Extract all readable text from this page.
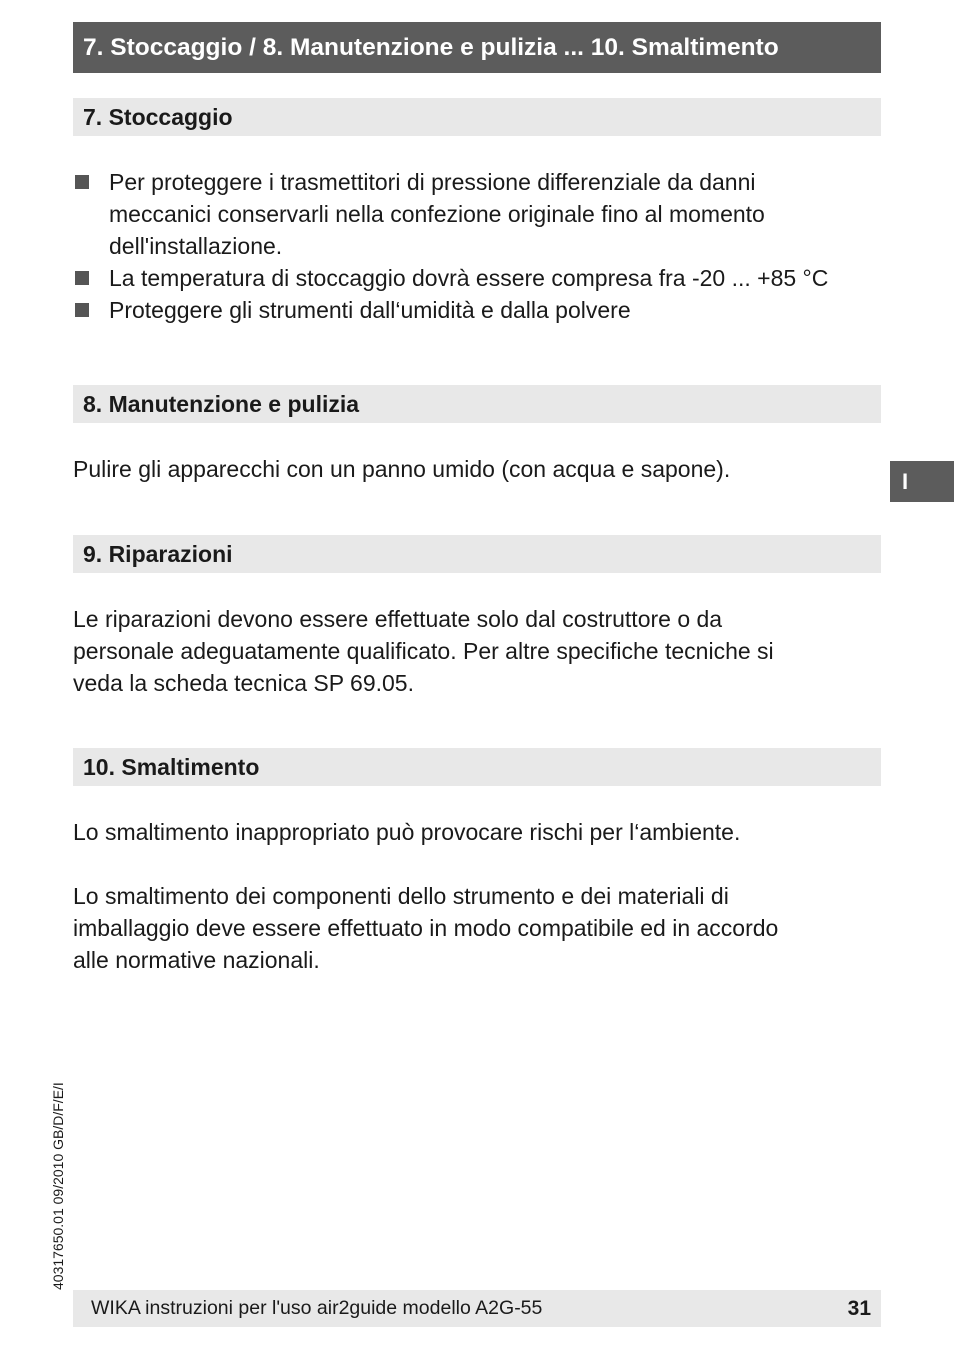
7. Stoccaggio / 8. Manutenzione e pulizia ... 10. Smaltimento
7. Stoccaggio
Per proteggere i trasmettitori di pressione differenziale da danni
meccanici conservarli nella confezione originale fino al momento
dell'installazione.
La temperatura di stoccaggio dovrà essere compresa fra -20 ... +85 °C
Proteggere gli strumenti dall‘umidità e dalla polvere
8. Manutenzione e pulizia

Pulire gli apparecchi con un panno umido (con acqua e sapone).	I
9. Riparazioni

Le riparazioni devono essere effettuate solo dal costruttore o da
personale adeguatamente qualificato. Per altre specifiche tecniche si
veda la scheda tecnica SP 69.05.

10. Smaltimento

Lo smaltimento inappropriato può provocare rischi per l‘ambiente.

Lo smaltimento dei componenti dello strumento e dei materiali di
imballaggio deve essere effettuato in modo compatibile ed in accordo
alle normative nazionali.

40317650.01 09/2010 GB/D/F/E/I
WIKA instruzioni per l'uso air2guide modello A2G-55	31
